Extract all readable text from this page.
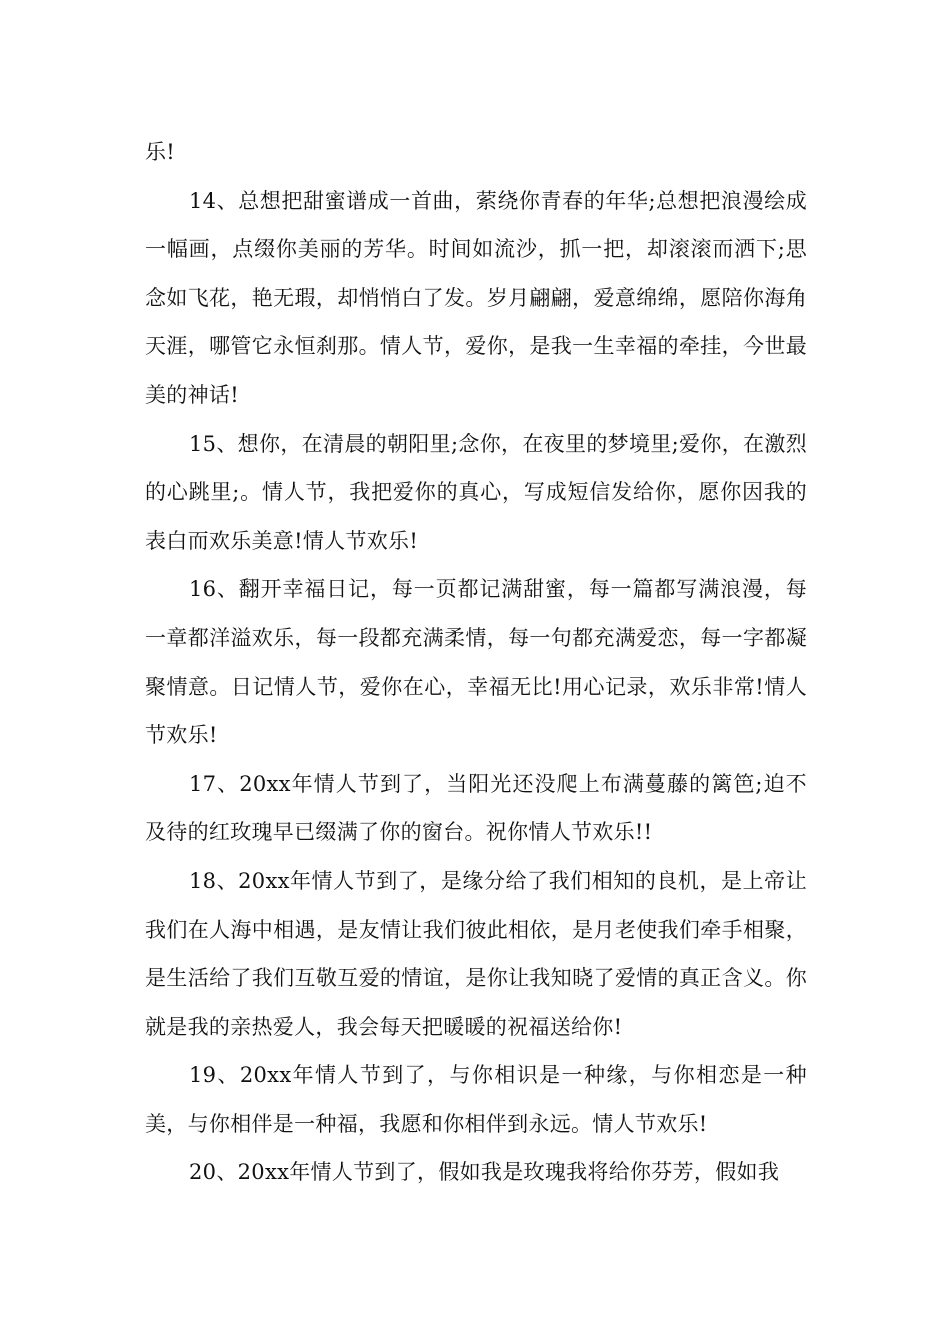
乐!

14、总想把甜蜜谱成一首曲，萦绕你青春的年华;总想把浪漫绘成一幅画，点缀你美丽的芳华。时间如流沙，抓一把，却滚滚而洒下;思念如飞花，艳无瑕，却悄悄白了发。岁月翩翩，爱意绵绵，愿陪你海角天涯，哪管它永恒刹那。情人节，爱你，是我一生幸福的牵挂，今世最美的神话!

15、想你，在清晨的朝阳里;念你，在夜里的梦境里;爱你，在激烈的心跳里;。情人节，我把爱你的真心，写成短信发给你，愿你因我的表白而欢乐美意!情人节欢乐!

16、翻开幸福日记，每一页都记满甜蜜，每一篇都写满浪漫，每一章都洋溢欢乐，每一段都充满柔情，每一句都充满爱恋，每一字都凝聚情意。日记情人节，爱你在心，幸福无比!用心记录，欢乐非常!情人节欢乐!

17、20xx年情人节到了，当阳光还没爬上布满蔓藤的篱笆;迫不及待的红玫瑰早已缀满了你的窗台。祝你情人节欢乐!!

18、20xx年情人节到了，是缘分给了我们相知的良机，是上帝让我们在人海中相遇，是友情让我们彼此相依，是月老使我们牵手相聚，是生活给了我们互敬互爱的情谊，是你让我知晓了爱情的真正含义。你就是我的亲热爱人，我会每天把暖暖的祝福送给你!

19、20xx年情人节到了，与你相识是一种缘，与你相恋是一种美，与你相伴是一种福，我愿和你相伴到永远。情人节欢乐!

20、20xx年情人节到了，假如我是玫瑰我将给你芬芳，假如我
